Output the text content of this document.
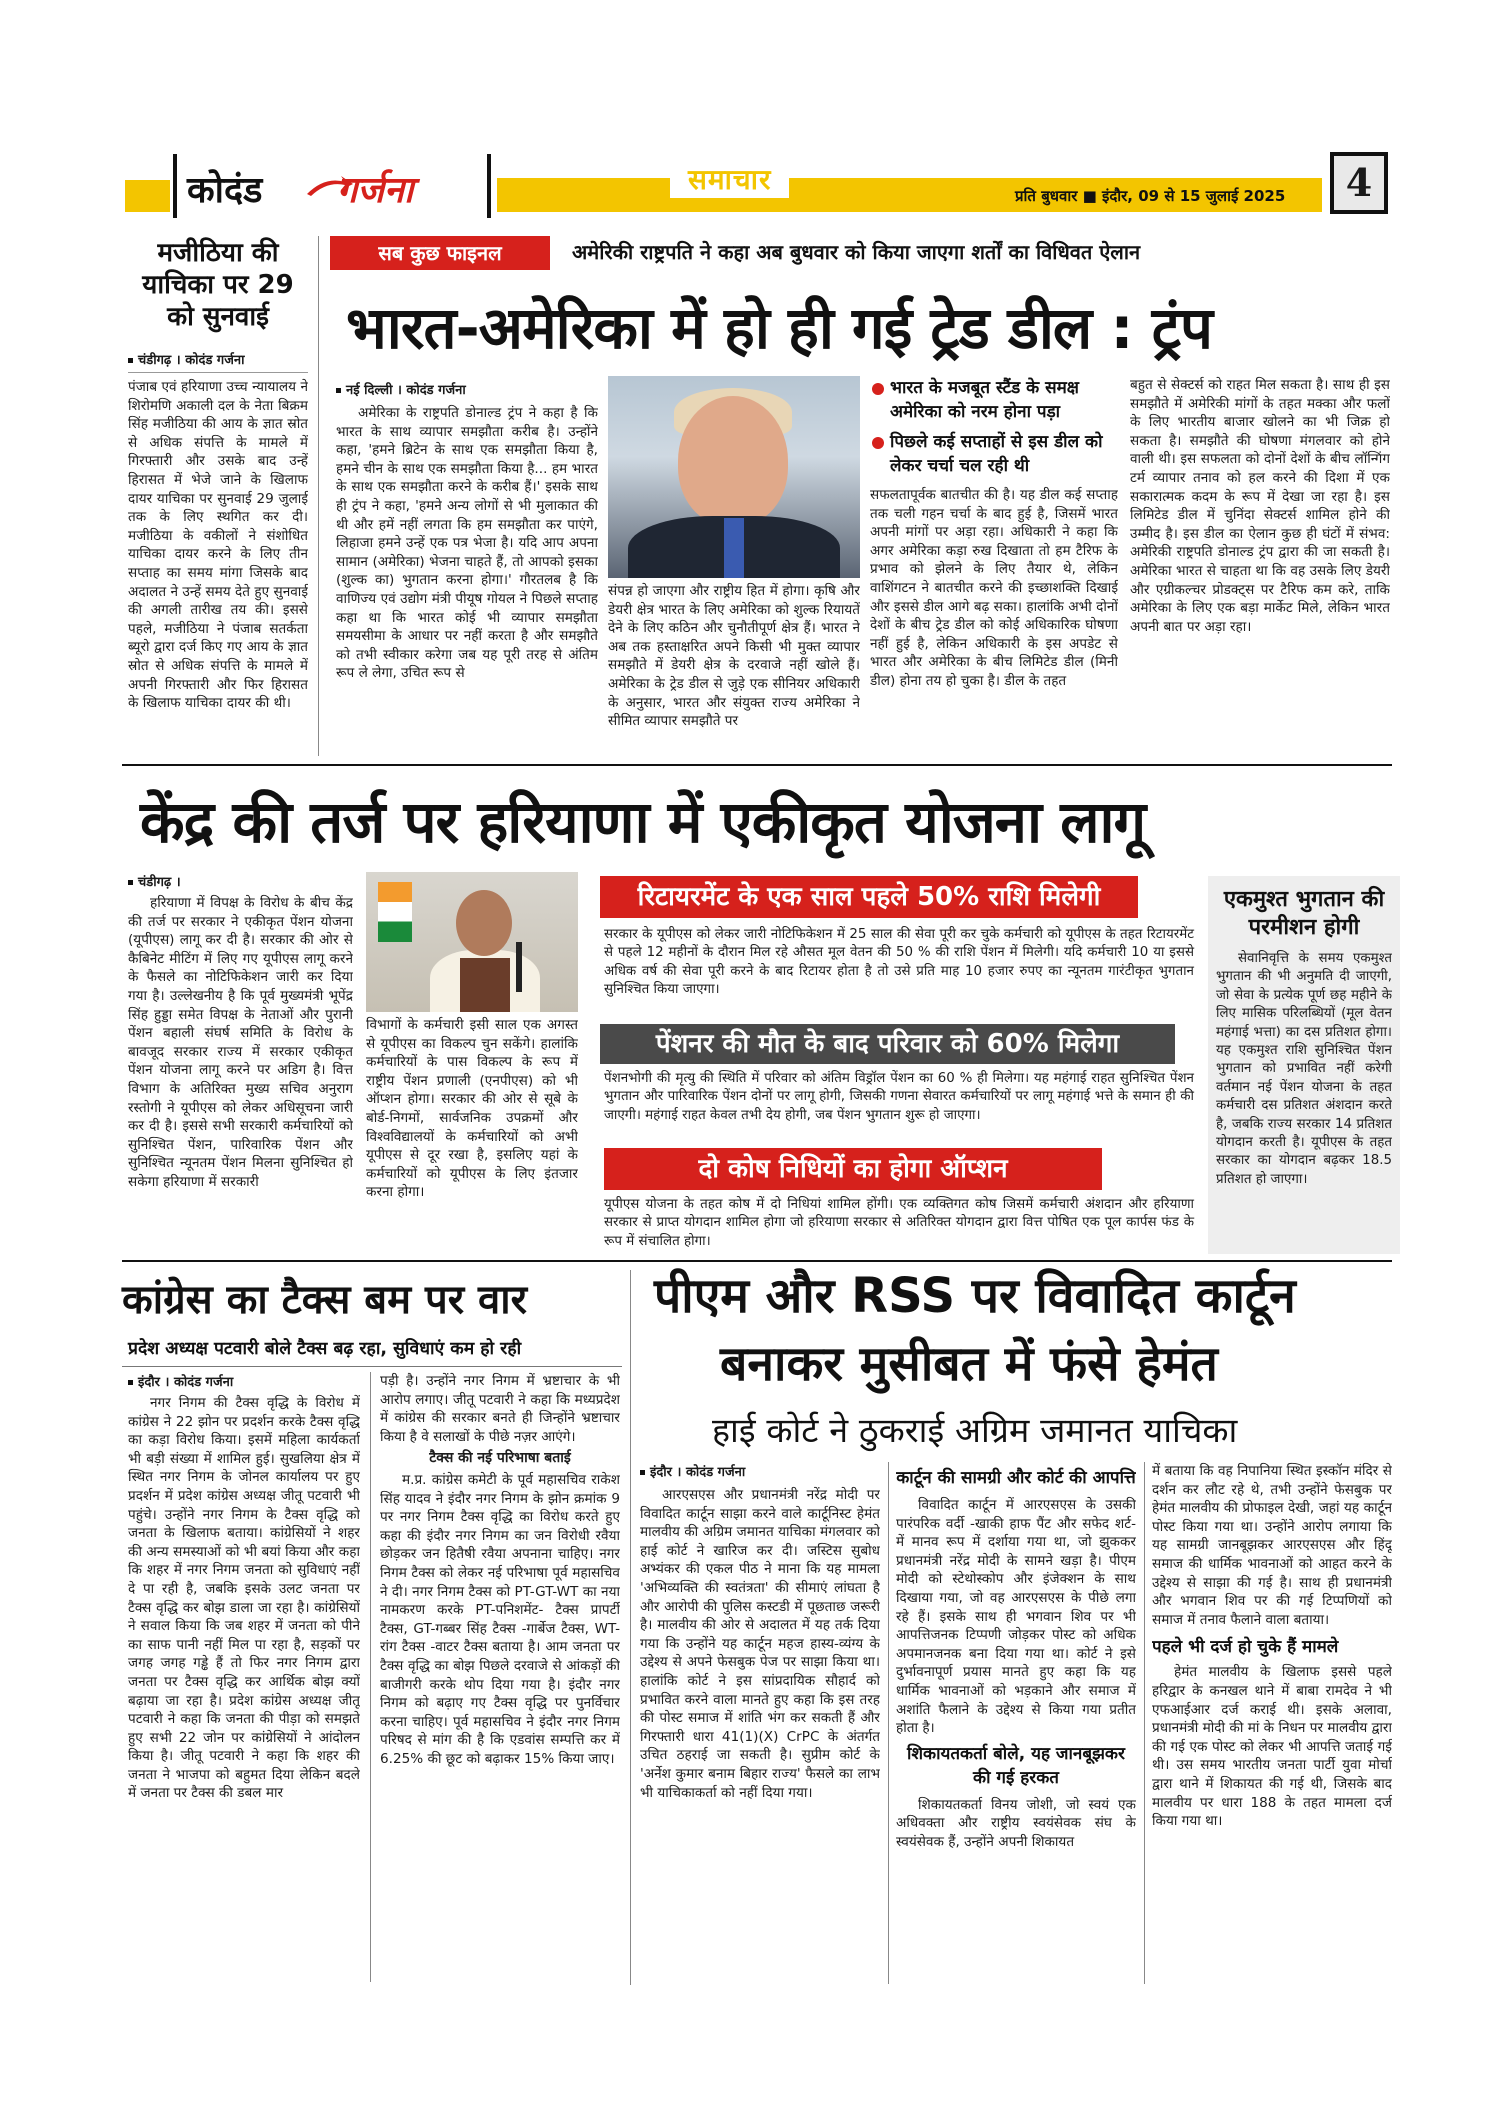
कोदंड गर्जना	समाचार	प्रति बुधवार ■ इंदौर, 09 से 15 जुलाई 2025	4
मजीठिया की याचिका पर 29 को सुनवाई
चंडीगढ़ । कोदंड गर्जना

पंजाब एवं हरियाणा उच्च न्यायालय ने शिरोमणि अकाली दल के नेता बिक्रम सिंह मजीठिया की आय के ज्ञात स्रोत से अधिक संपत्ति के मामले में गिरफ्तारी और उसके बाद उन्हें हिरासत में भेजे जाने के खिलाफ दायर याचिका पर सुनवाई 29 जुलाई तक के लिए स्थगित कर दी। मजीठिया के वकीलों ने संशोधित याचिका दायर करने के लिए तीन सप्ताह का समय मांगा जिसके बाद अदालत ने उन्हें समय देते हुए सुनवाई की अगली तारीख तय की। इससे पहले, मजीठिया ने पंजाब सतर्कता ब्यूरो द्वारा दर्ज किए गए आय के ज्ञात स्रोत से अधिक संपत्ति के मामले में अपनी गिरफ्तारी और फिर हिरासत के खिलाफ याचिका दायर की थी।

सब कुछ फाइनल	अमेरिकी राष्ट्रपति ने कहा अब बुधवार को किया जाएगा शर्तों का विधिवत ऐलान
भारत-अमेरिका में हो ही गई ट्रेड डील : ट्रंप
नई दिल्ली । कोदंड गर्जना

अमेरिका के राष्ट्रपति डोनाल्ड ट्रंप ने कहा है कि भारत के साथ व्यापार समझौता करीब है। उन्होंने कहा, 'हमने ब्रिटेन के साथ एक समझौता किया है, हमने चीन के साथ एक समझौता किया है... हम भारत के साथ एक समझौता करने के करीब हैं।' इसके साथ ही ट्रंप ने कहा, 'हमने अन्य लोगों से भी मुलाकात की थी और हमें नहीं लगता कि हम समझौता कर पाएंगे, लिहाजा हमने उन्हें एक पत्र भेजा है। यदि आप अपना सामान (अमेरिका) भेजना चाहते हैं, तो आपको इसका (शुल्क का) भुगतान करना होगा।' गौरतलब है कि वाणिज्य एवं उद्योग मंत्री पीयूष गोयल ने पिछले सप्ताह कहा था कि भारत कोई भी व्यापार समझौता समयसीमा के आधार पर नहीं करता है और समझौते को तभी स्वीकार करेगा जब यह पूरी तरह से अंतिम रूप ले लेगा, उचित रूप से

संपन्न हो जाएगा और राष्ट्रीय हित में होगा। कृषि और डेयरी क्षेत्र भारत के लिए अमेरिका को शुल्क रियायतें देने के लिए कठिन और चुनौतीपूर्ण क्षेत्र हैं। भारत ने अब तक हस्ताक्षरित अपने किसी भी मुक्त व्यापार समझौते में डेयरी क्षेत्र के दरवाजे नहीं खोले हैं। अमेरिका के ट्रेड डील से जुड़े एक सीनियर अधिकारी के अनुसार, भारत और संयुक्त राज्य अमेरिका ने सीमित व्यापार समझौते पर

भारत के मजबूत स्टैंड के समक्ष अमेरिका को नरम होना पड़ा
पिछले कई सप्ताहों से इस डील को लेकर चर्चा चल रही थी

सफलतापूर्वक बातचीत की है। यह डील कई सप्ताह तक चली गहन चर्चा के बाद हुई है, जिसमें भारत अपनी मांगों पर अड़ा रहा। अधिकारी ने कहा कि अगर अमेरिका कड़ा रुख दिखाता तो हम टैरिफ के प्रभाव को झेलने के लिए तैयार थे, लेकिन वाशिंगटन ने बातचीत करने की इच्छाशक्ति दिखाई और इससे डील आगे बढ़ सका। हालांकि अभी दोनों देशों के बीच ट्रेड डील को कोई अधिकारिक घोषणा नहीं हुई है, लेकिन अधिकारी के इस अपडेट से भारत और अमेरिका के बीच लिमिटेड डील (मिनी डील) होना तय हो चुका है। डील के तहत

बहुत से सेक्टर्स को राहत मिल सकता है। साथ ही इस समझौते में अमेरिकी मांगों के तहत मक्का और फलों के लिए भारतीय बाजार खोलने का भी जिक्र हो सकता है। समझौते की घोषणा मंगलवार को होने वाली थी। इस सफलता को दोनों देशों के बीच लॉन्गिंग टर्म व्यापार तनाव को हल करने की दिशा में एक सकारात्मक कदम के रूप में देखा जा रहा है। इस लिमिटेड डील में चुनिंदा सेक्टर्स शामिल होने की उम्मीद है। इस डील का ऐलान कुछ ही घंटों में संभव: अमेरिकी राष्ट्रपति डोनाल्ड ट्रंप द्वारा की जा सकती है। अमेरिका भारत से चाहता था कि वह उसके लिए डेयरी और एग्रीकल्चर प्रोडक्ट्स पर टैरिफ कम करे, ताकि अमेरिका के लिए एक बड़ा मार्केट मिले, लेकिन भारत अपनी बात पर अड़ा रहा।

केंद्र की तर्ज पर हरियाणा में एकीकृत योजना लागू
चंडीगढ़ ।

हरियाणा में विपक्ष के विरोध के बीच केंद्र की तर्ज पर सरकार ने एकीकृत पेंशन योजना (यूपीएस) लागू कर दी है। सरकार की ओर से कैबिनेट मीटिंग में लिए गए यूपीएस लागू करने के फैसले का नोटिफिकेशन जारी कर दिया गया है। उल्लेखनीय है कि पूर्व मुख्यमंत्री भूपेंद्र सिंह हुड्डा समेत विपक्ष के नेताओं और पुरानी पेंशन बहाली संघर्ष समिति के विरोध के बावजूद सरकार राज्य में सरकार एकीकृत पेंशन योजना लागू करने पर अडिग है। वित्त विभाग के अतिरिक्त मुख्य सचिव अनुराग रस्तोगी ने यूपीएस को लेकर अधिसूचना जारी कर दी है। इससे सभी सरकारी कर्मचारियों को सुनिश्चित पेंशन, पारिवारिक पेंशन और सुनिश्चित न्यूनतम पेंशन मिलना सुनिश्चित हो सकेगा हरियाणा में सरकारी

विभागों के कर्मचारी इसी साल एक अगस्त से यूपीएस का विकल्प चुन सकेंगे। हालांकि कर्मचारियों के पास विकल्प के रूप में राष्ट्रीय पेंशन प्रणाली (एनपीएस) को भी ऑप्शन होगा। सरकार की ओर से सूबे के बोर्ड-निगमों, सार्वजनिक उपक्रमों और विश्वविद्यालयों के कर्मचारियों को अभी यूपीएस से दूर रखा है, इसलिए यहां के कर्मचारियों को यूपीएस के लिए इंतजार करना होगा।

रिटायरमेंट के एक साल पहले 50% राशि मिलेगी
सरकार के यूपीएस को लेकर जारी नोटिफिकेशन में 25 साल की सेवा पूरी कर चुके कर्मचारी को यूपीएस के तहत रिटायरमेंट से पहले 12 महीनों के दौरान मिल रहे औसत मूल वेतन की 50 % की राशि पेंशन में मिलेगी। यदि कर्मचारी 10 या इससे अधिक वर्ष की सेवा पूरी करने के बाद रिटायर होता है तो उसे प्रति माह 10 हजार रुपए का न्यूनतम गारंटीकृत भुगतान सुनिश्चित किया जाएगा।
पेंशनर की मौत के बाद परिवार को 60% मिलेगा
पेंशनभोगी की मृत्यु की स्थिति में परिवार को अंतिम विड्रॉल पेंशन का 60 % ही मिलेगा। यह महंगाई राहत सुनिश्चित पेंशन भुगतान और पारिवारिक पेंशन दोनों पर लागू होगी, जिसकी गणना सेवारत कर्मचारियों पर लागू महंगाई भत्ते के समान ही की जाएगी। महंगाई राहत केवल तभी देय होगी, जब पेंशन भुगतान शुरू हो जाएगा।
दो कोष निधियों का होगा ऑप्शन
यूपीएस योजना के तहत कोष में दो निधियां शामिल होंगी। एक व्यक्तिगत कोष जिसमें कर्मचारी अंशदान और हरियाणा सरकार से प्राप्त योगदान शामिल होगा जो हरियाणा सरकार से अतिरिक्त योगदान द्वारा वित्त पोषित एक पूल कार्पस फंड के रूप में संचालित होगा।
एकमुश्त भुगतान की परमीशन होगी

सेवानिवृत्ति के समय एकमुश्त भुगतान की भी अनुमति दी जाएगी, जो सेवा के प्रत्येक पूर्ण छह महीने के लिए मासिक परिलब्धियों (मूल वेतन महंगाई भत्ता) का दस प्रतिशत होगा। यह एकमुश्त राशि सुनिश्चित पेंशन भुगतान को प्रभावित नहीं करेगी वर्तमान नई पेंशन योजना के तहत कर्मचारी दस प्रतिशत अंशदान करते है, जबकि राज्य सरकार 14 प्रतिशत योगदान करती है। यूपीएस के तहत सरकार का योगदान बढ़कर 18.5 प्रतिशत हो जाएगा।

कांग्रेस का टैक्स बम पर वार
प्रदेश अध्यक्ष पटवारी बोले टैक्स बढ़ रहा, सुविधाएं कम हो रही
इंदौर । कोदंड गर्जना

नगर निगम की टैक्स वृद्धि के विरोध में कांग्रेस ने 22 झोन पर प्रदर्शन करके टैक्स वृद्धि का कड़ा विरोध किया। इसमें महिला कार्यकर्ता भी बड़ी संख्या में शामिल हुई। सुखलिया क्षेत्र में स्थित नगर निगम के जोनल कार्यालय पर हुए प्रदर्शन में प्रदेश कांग्रेस अध्यक्ष जीतू पटवारी भी पहुंचे। उन्होंने नगर निगम के टैक्स वृद्धि को जनता के खिलाफ बताया। कांग्रेसियों ने शहर की अन्य समस्याओं को भी बयां किया और कहा कि शहर में नगर निगम जनता को सुविधाएं नहीं दे पा रही है, जबकि इसके उलट जनता पर टैक्स वृद्धि कर बोझ डाला जा रहा है। कांग्रेसियों ने सवाल किया कि जब शहर में जनता को पीने का साफ पानी नहीं मिल पा रहा है, सड़कों पर जगह जगह गड्ढे हैं तो फिर नगर निगम द्वारा जनता पर टैक्स वृद्धि कर आर्थिक बोझ क्यों बढ़ाया जा रहा है। प्रदेश कांग्रेस अध्यक्ष जीतू पटवारी ने कहा कि जनता की पीड़ा को समझते हुए सभी 22 जोन पर कांग्रेसियों ने आंदोलन किया है। जीतू पटवारी ने कहा कि शहर की जनता ने भाजपा को बहुमत दिया लेकिन बदले में जनता पर टैक्स की डबल मार

पड़ी है। उन्होंने नगर निगम में भ्रष्टाचार के भी आरोप लगाए। जीतू पटवारी ने कहा कि मध्यप्रदेश में कांग्रेस की सरकार बनते ही जिन्होंने भ्रष्टाचार किया है वे सलाखों के पीछे नज़र आएंगे।

टैक्स की नई परिभाषा बताई

म.प्र. कांग्रेस कमेटी के पूर्व महासचिव राकेश सिंह यादव ने इंदौर नगर निगम के झोन क्रमांक 9 पर नगर निगम टैक्स वृद्धि का विरोध करते हुए कहा की इंदौर नगर निगम का जन विरोधी रवैया छोड़कर जन हितैषी रवैया अपनाना चाहिए। नगर निगम टैक्स को लेकर नई परिभाषा पूर्व महासचिव ने दी। नगर निगम टैक्स को PT-GT-WT का नया नामकरण करके PT-पनिशमेंट- टैक्स प्रापर्टी टैक्स, GT-गब्बर सिंह टैक्स -गार्बेज टैक्स, WT-रांग टैक्स -वाटर टैक्स बताया है। आम जनता पर टैक्स वृद्धि का बोझ पिछले दरवाजे से आंकड़ों की बाजीगरी करके थोप दिया गया है। इंदौर नगर निगम को बढ़ाए गए टैक्स वृद्धि पर पुनर्विचार करना चाहिए। पूर्व महासचिव ने इंदौर नगर निगम परिषद से मांग की है कि एडवांस सम्पत्ति कर में 6.25% की छूट को बढ़ाकर 15% किया जाए।

पीएम और RSS पर विवादित कार्टून
बनाकर मुसीबत में फंसे हेमंत
हाई कोर्ट ने ठुकराई अग्रिम जमानत याचिका
इंदौर । कोदंड गर्जना

आरएसएस और प्रधानमंत्री नरेंद्र मोदी पर विवादित कार्टून साझा करने वाले कार्टूनिस्ट हेमंत मालवीय की अग्रिम जमानत याचिका मंगलवार को हाई कोर्ट ने खारिज कर दी। जस्टिस सुबोध अभ्यंकर की एकल पीठ ने माना कि यह मामला 'अभिव्यक्ति की स्वतंत्रता' की सीमाएं लांघता है और आरोपी की पुलिस कस्टडी में पूछताछ जरूरी है। मालवीय की ओर से अदालत में यह तर्क दिया गया कि उन्होंने यह कार्टून महज हास्य-व्यंग्य के उद्देश्य से अपने फेसबुक पेज पर साझा किया था। हालांकि कोर्ट ने इस सांप्रदायिक सौहार्द को प्रभावित करने वाला मानते हुए कहा कि इस तरह की पोस्ट समाज में शांति भंग कर सकती हैं और गिरफ्तारी धारा 41(1)(X) CrPC के अंतर्गत उचित ठहराई जा सकती है। सुप्रीम कोर्ट के 'अर्नेश कुमार बनाम बिहार राज्य' फैसले का लाभ भी याचिकाकर्ता को नहीं दिया गया।

कार्टून की सामग्री और कोर्ट की आपत्ति

विवादित कार्टून में आरएसएस के उसकी पारंपरिक वर्दी -खाकी हाफ पैंट और सफेद शर्ट- में मानव रूप में दर्शाया गया था, जो झुककर प्रधानमंत्री नरेंद्र मोदी के सामने खड़ा है। पीएम मोदी को स्टेथोस्कोप और इंजेक्शन के साथ दिखाया गया, जो वह आरएसएस के पीछे लगा रहे हैं। इसके साथ ही भगवान शिव पर भी आपत्तिजनक टिप्पणी जोड़कर पोस्ट को अधिक अपमानजनक बना दिया गया था। कोर्ट ने इसे दुर्भावनापूर्ण प्रयास मानते हुए कहा कि यह धार्मिक भावनाओं को भड़काने और समाज में अशांति फैलाने के उद्देश्य से किया गया प्रतीत होता है।

शिकायतकर्ता बोले, यह जानबूझकर की गई हरकत

शिकायतकर्ता विनय जोशी, जो स्वयं एक अधिवक्ता और राष्ट्रीय स्वयंसेवक संघ के स्वयंसेवक हैं, उन्होंने अपनी शिकायत

में बताया कि वह निपानिया स्थित इस्कॉन मंदिर से दर्शन कर लौट रहे थे, तभी उन्होंने फेसबुक पर हेमंत मालवीय की प्रोफाइल देखी, जहां यह कार्टून पोस्ट किया गया था। उन्होंने आरोप लगाया कि यह सामग्री जानबूझकर आरएसएस और हिंदू समाज की धार्मिक भावनाओं को आहत करने के उद्देश्य से साझा की गई है। साथ ही प्रधानमंत्री और भगवान शिव पर की गई टिप्पणियों को समाज में तनाव फैलाने वाला बताया।

पहले भी दर्ज हो चुके हैं मामले

हेमंत मालवीय के खिलाफ इससे पहले हरिद्वार के कनखल थाने में बाबा रामदेव ने भी एफआईआर दर्ज कराई थी। इसके अलावा, प्रधानमंत्री मोदी की मां के निधन पर मालवीय द्वारा की गई एक पोस्ट को लेकर भी आपत्ति जताई गई थी। उस समय भारतीय जनता पार्टी युवा मोर्चा द्वारा थाने में शिकायत की गई थी, जिसके बाद मालवीय पर धारा 188 के तहत मामला दर्ज किया गया था।
